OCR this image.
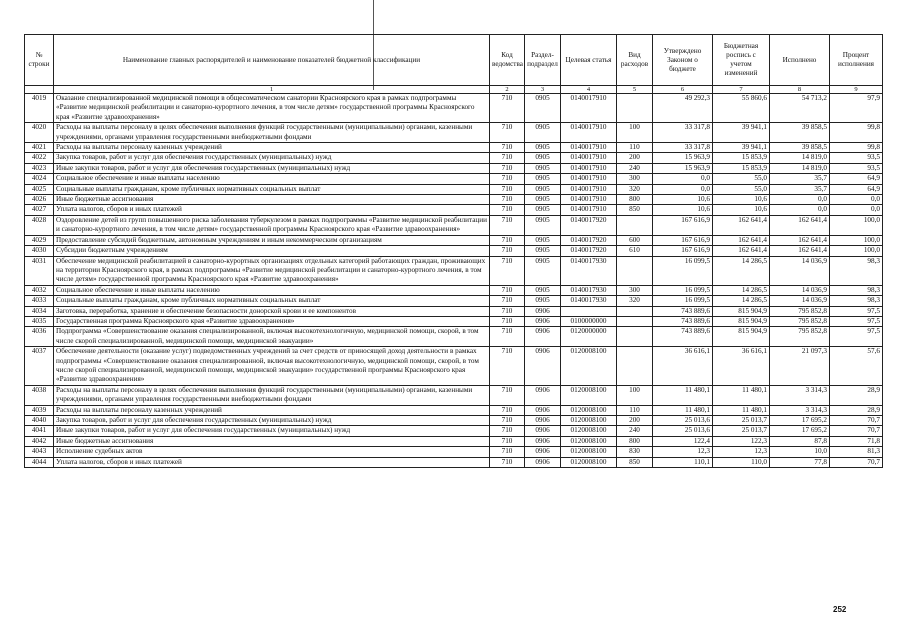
№ строки	Наименование главных распорядителей и наименование показателей бюджетной классификации	Код ведомства	Раздел-подраздел	Целевая статья	Вид расходов	Утверждено Законом о бюджете	Бюджетная роспись с учетом изменений	Исполнено	Процент исполнения
	1	2	3	4	5	6	7	8	9
4019	Оказание специализированной медицинской помощи в общесоматическом санатории Красноярского края в рамках подпрограммы «Развитие медицинской реабилитации и санаторно-курортного лечения, в том числе детям» государственной программы Красноярского края «Развитие здравоохранения»	710	0905	0140017910		49 292,3	55 860,6	54 713,2	97,9
4020	Расходы на выплаты персоналу в целях обеспечения выполнения функций государственными (муниципальными) органами, казенными учреждениями, органами управления государственными внебюджетными фондами	710	0905	0140017910	100	33 317,8	39 941,1	39 858,5	99,8
4021	Расходы на выплаты персоналу казенных учреждений	710	0905	0140017910	110	33 317,8	39 941,1	39 858,5	99,8
4022	Закупка товаров, работ и услуг для обеспечения государственных (муниципальных) нужд	710	0905	0140017910	200	15 963,9	15 853,9	14 819,0	93,5
4023	Иные закупки товаров, работ и услуг для обеспечения государственных (муниципальных) нужд	710	0905	0140017910	240	15 963,9	15 853,9	14 819,0	93,5
4024	Социальное обеспечение и иные выплаты населению	710	0905	0140017910	300	0,0	55,0	35,7	64,9
4025	Социальные выплаты гражданам, кроме публичных нормативных социальных выплат	710	0905	0140017910	320	0,0	55,0	35,7	64,9
4026	Иные бюджетные ассигнования	710	0905	0140017910	800	10,6	10,6	0,0	0,0
4027	Уплата налогов, сборов и иных платежей	710	0905	0140017910	850	10,6	10,6	0,0	0,0
4028	Оздоровление детей из групп повышенного риска заболевания туберкулезом в рамках подпрограммы «Развитие медицинской реабилитации и санаторно-курортного лечения, в том числе детям» государственной программы Красноярского края «Развитие здравоохранения»	710	0905	0140017920		167 616,9	162 641,4	162 641,4	100,0
4029	Предоставление субсидий бюджетным, автономным учреждениям и иным некоммерческим организациям	710	0905	0140017920	600	167 616,9	162 641,4	162 641,4	100,0
4030	Субсидии бюджетным учреждениям	710	0905	0140017920	610	167 616,9	162 641,4	162 641,4	100,0
4031	Обеспечение медицинской реабилитацией в санаторно-курортных организациях отдельных категорий работающих граждан, проживающих на территории Красноярского края, в рамках подпрограммы «Развитие медицинской реабилитации и санаторно-курортного лечения, в том числе детям» государственной программы Красноярского края «Развитие здравоохранения»	710	0905	0140017930		16 099,5	14 286,5	14 036,9	98,3
4032	Социальное обеспечение и иные выплаты населению	710	0905	0140017930	300	16 099,5	14 286,5	14 036,9	98,3
4033	Социальные выплаты гражданам, кроме публичных нормативных социальных выплат	710	0905	0140017930	320	16 099,5	14 286,5	14 036,9	98,3
4034	Заготовка, переработка, хранение и обеспечение безопасности донорской крови и ее компонентов	710	0906			743 889,6	815 904,9	795 852,8	97,5
4035	Государственная программа Красноярского края «Развитие здравоохранения»	710	0906	0100000000		743 889,6	815 904,9	795 852,8	97,5
4036	Подпрограмма «Совершенствование оказания специализированной, включая высокотехнологичную, медицинской помощи, скорой, в том числе скорой специализированной, медицинской помощи, медицинской эвакуации»	710	0906	0120000000		743 889,6	815 904,9	795 852,8	97,5
4037	Обеспечение деятельности (оказание услуг) подведомственных учреждений за счет средств от приносящей доход деятельности в рамках подпрограммы «Совершенствование оказания специализированной, включая высокотехнологичную, медицинской помощи, скорой, в том числе скорой специализированной, медицинской помощи, медицинской эвакуации» государственной программы Красноярского края «Развитие здравоохранения»	710	0906	0120008100		36 616,1	36 616,1	21 097,3	57,6
4038	Расходы на выплаты персоналу в целях обеспечения выполнения функций государственными (муниципальными) органами, казенными учреждениями, органами управления государственными внебюджетными фондами	710	0906	0120008100	100	11 480,1	11 480,1	3 314,3	28,9
4039	Расходы на выплаты персоналу казенных учреждений	710	0906	0120008100	110	11 480,1	11 480,1	3 314,3	28,9
4040	Закупка товаров, работ и услуг для обеспечения государственных (муниципальных) нужд	710	0906	0120008100	200	25 013,6	25 013,7	17 695,2	70,7
4041	Иные закупки товаров, работ и услуг для обеспечения государственных (муниципальных) нужд	710	0906	0120008100	240	25 013,6	25 013,7	17 695,2	70,7
4042	Иные бюджетные ассигнования	710	0906	0120008100	800	122,4	122,3	87,8	71,8
4043	Исполнение судебных актов	710	0906	0120008100	830	12,3	12,3	10,0	81,3
4044	Уплата налогов, сборов и иных платежей	710	0906	0120008100	850	110,1	110,0	77,8	70,7
252
